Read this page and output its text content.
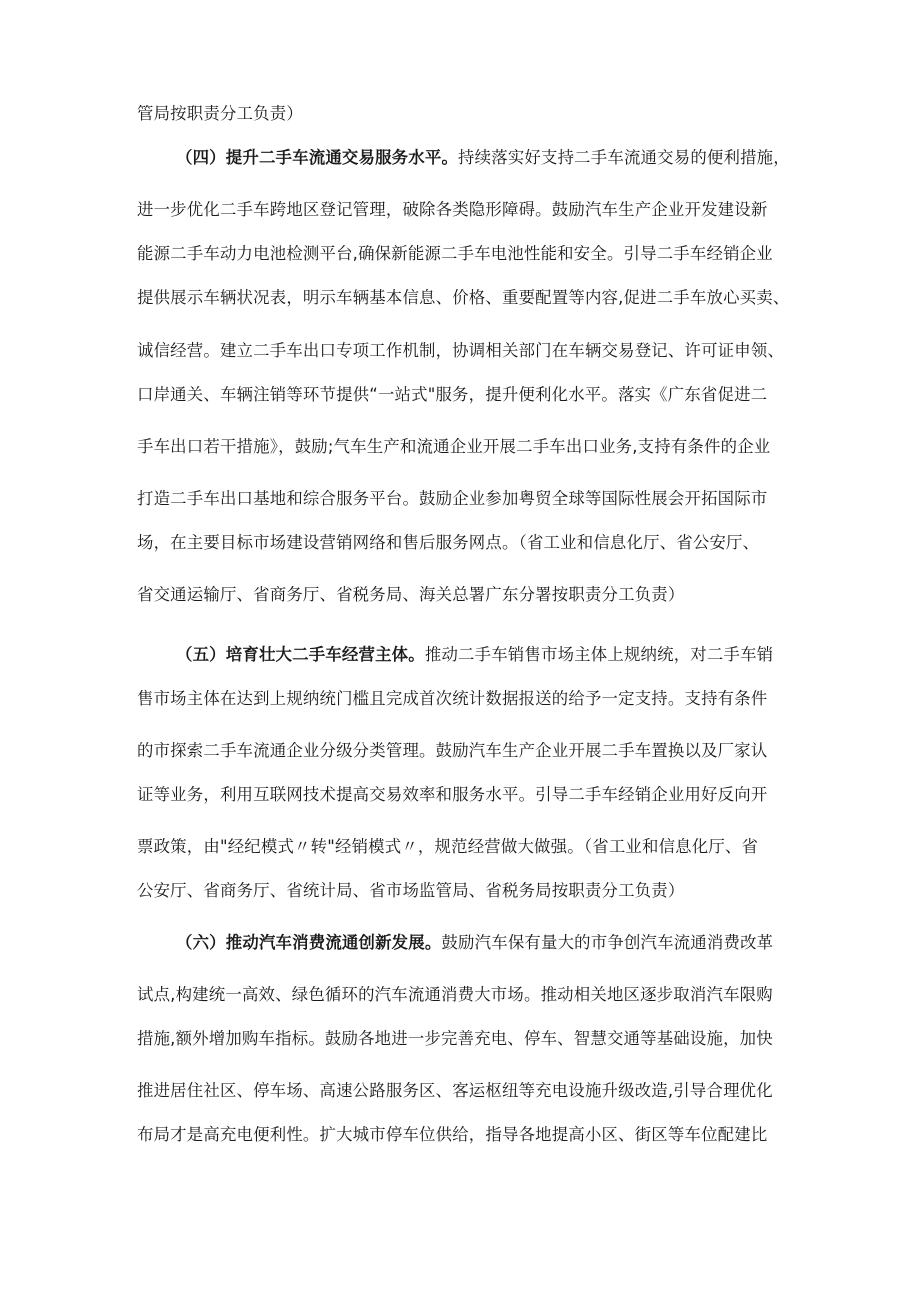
管局按职责分工负责）
（四）提升二手车流通交易服务水平。持续落实好支持二手车流通交易的便利措施，
进一步优化二手车跨地区登记管理，破除各类隐形障碍。鼓励汽车生产企业开发建设新
能源二手车动力电池检测平台,确保新能源二手车电池性能和安全。引导二手车经销企业
提供展示车辆状况表，明示车辆基本信息、价格、重要配置等内容,促进二手车放心买卖、
诚信经营。建立二手车出口专项工作机制，协调相关部门在车辆交易登记、许可证申领、
口岸通关、车辆注销等环节提供“一站式"服务，提升便利化水平。落实《广东省促进二
手车出口若干措施》，鼓励;气车生产和流通企业开展二手车出口业务,支持有条件的企业
打造二手车出口基地和综合服务平台。鼓励企业参加粤贸全球等国际性展会开拓国际市
场，在主要目标市场建设营销网络和售后服务网点。（省工业和信息化厅、省公安厅、
省交通运输厅、省商务厅、省税务局、海关总署广东分署按职责分工负责）
（五）培育壮大二手车经营主体。推动二手车销售市场主体上规纳统，对二手车销
售市场主体在达到上规纳统门槛且完成首次统计数据报送的给予一定支持。支持有条件
的市探索二手车流通企业分级分类管理。鼓励汽车生产企业开展二手车置换以及厂家认
证等业务，利用互联网技术提高交易效率和服务水平。引导二手车经销企业用好反向开
票政策，由"经纪模式〃转"经销模式〃，规范经营做大做强。（省工业和信息化厅、省
公安厅、省商务厅、省统计局、省市场监管局、省税务局按职责分工负责）
（六）推动汽车消费流通创新发展。鼓励汽车保有量大的市争创汽车流通消费改革
试点,构建统一高效、绿色循环的汽车流通消费大市场。推动相关地区逐步取消汽车限购
措施,额外增加购车指标。鼓励各地进一步完善充电、停车、智慧交通等基础设施，加快
推进居住社区、停车场、高速公路服务区、客运枢纽等充电设施升级改造,引导合理优化
布局才是高充电便利性。扩大城市停车位供给，指导各地提高小区、街区等车位配建比
